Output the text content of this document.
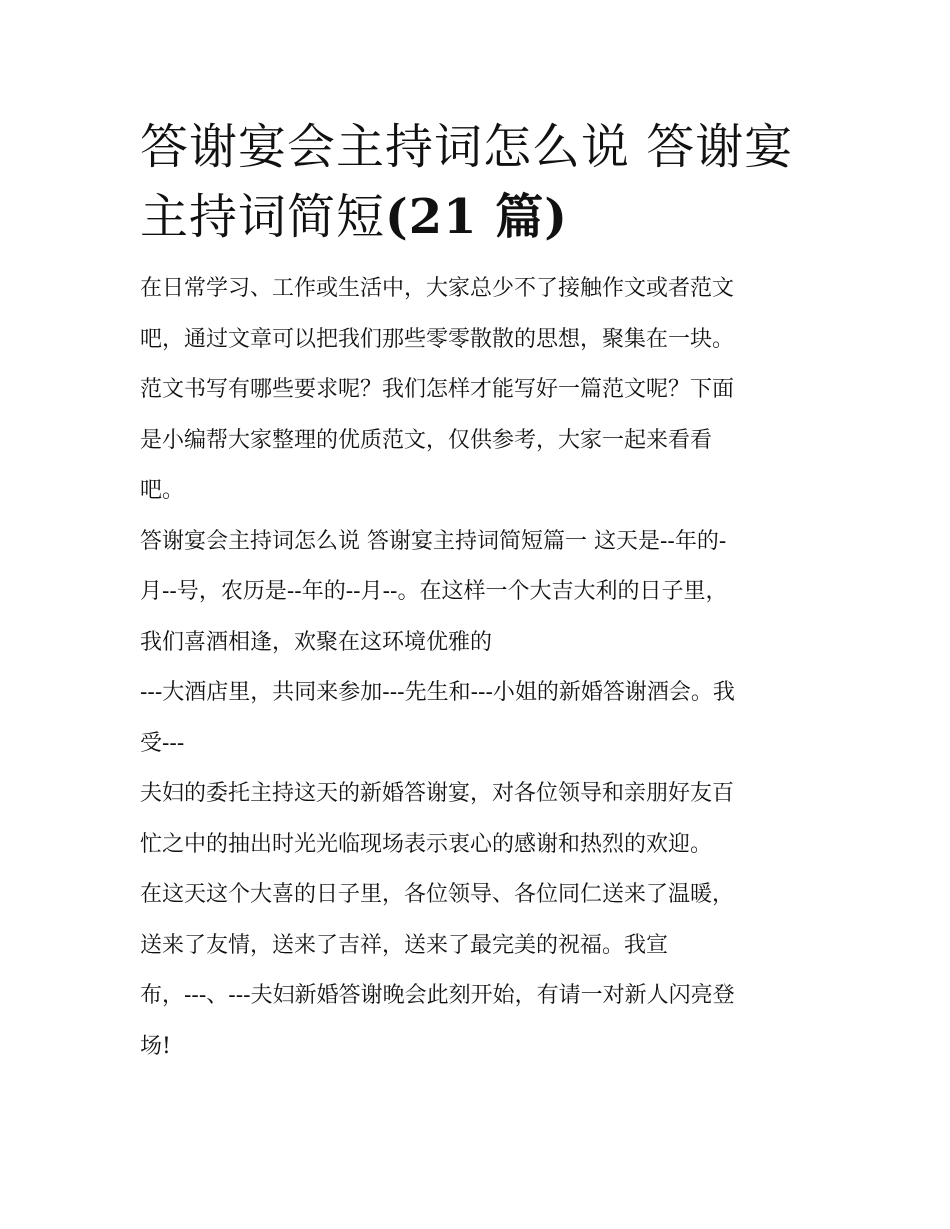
答谢宴会主持词怎么说 答谢宴
主持词简短(21 篇)
在日常学习、工作或生活中，大家总少不了接触作文或者范文
吧，通过文章可以把我们那些零零散散的思想，聚集在一块。
范文书写有哪些要求呢？我们怎样才能写好一篇范文呢？下面
是小编帮大家整理的优质范文，仅供参考，大家一起来看看
吧。
答谢宴会主持词怎么说 答谢宴主持词简短篇一 这天是--年的-
月--号，农历是--年的--月--。在这样一个大吉大利的日子里，
我们喜酒相逢，欢聚在这环境优雅的
---大酒店里，共同来参加---先生和---小姐的新婚答谢酒会。我
受---
夫妇的委托主持这天的新婚答谢宴，对各位领导和亲朋好友百
忙之中的抽出时光光临现场表示衷心的感谢和热烈的欢迎。
在这天这个大喜的日子里，各位领导、各位同仁送来了温暖，
送来了友情，送来了吉祥，送来了最完美的祝福。我宣
布，---、---夫妇新婚答谢晚会此刻开始，有请一对新人闪亮登
场!
